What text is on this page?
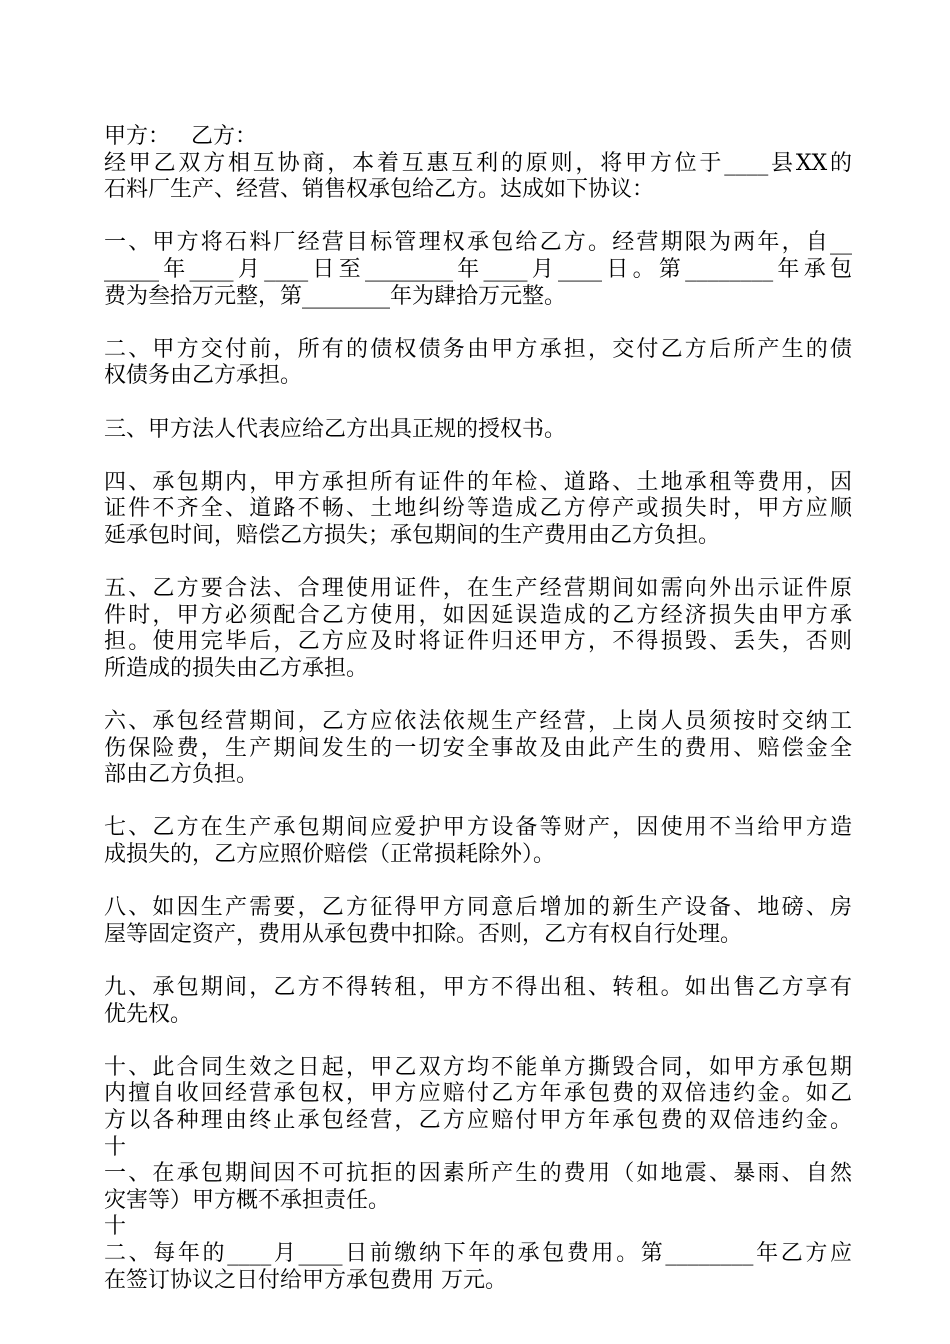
甲方：   乙方：
经甲乙双方相互协商，本着互惠互利的原则，将甲方位于____县XX的
石料厂生产、经营、销售权承包给乙方。达成如下协议：
一、甲方将石料厂经营目标管理权承包给乙方。经营期限为两年，自__
_____年____月____日至________年____月____日。第________年承包
费为叁拾万元整，第________年为肆拾万元整。
二、甲方交付前，所有的债权债务由甲方承担，交付乙方后所产生的债
权债务由乙方承担。
三、甲方法人代表应给乙方出具正规的授权书。
四、承包期内，甲方承担所有证件的年检、道路、土地承租等费用，因
证件不齐全、道路不畅、土地纠纷等造成乙方停产或损失时，甲方应顺
延承包时间，赔偿乙方损失；承包期间的生产费用由乙方负担。
五、乙方要合法、合理使用证件，在生产经营期间如需向外出示证件原
件时，甲方必须配合乙方使用，如因延误造成的乙方经济损失由甲方承
担。使用完毕后，乙方应及时将证件归还甲方，不得损毁、丢失，否则
所造成的损失由乙方承担。
六、承包经营期间，乙方应依法依规生产经营，上岗人员须按时交纳工
伤保险费，生产期间发生的一切安全事故及由此产生的费用、赔偿金全
部由乙方负担。
七、乙方在生产承包期间应爱护甲方设备等财产，因使用不当给甲方造
成损失的，乙方应照价赔偿（正常损耗除外）。
八、如因生产需要，乙方征得甲方同意后增加的新生产设备、地磅、房
屋等固定资产，费用从承包费中扣除。否则，乙方有权自行处理。
九、承包期间，乙方不得转租，甲方不得出租、转租。如出售乙方享有
优先权。
十、此合同生效之日起，甲乙双方均不能单方撕毁合同，如甲方承包期
内擅自收回经营承包权，甲方应赔付乙方年承包费的双倍违约金。如乙
方以各种理由终止承包经营，乙方应赔付甲方年承包费的双倍违约金。
十
一、在承包期间因不可抗拒的因素所产生的费用（如地震、暴雨、自然
灾害等）甲方概不承担责任。
十
二、每年的____月____日前缴纳下年的承包费用。第________年乙方应
在签订协议之日付给甲方承包费用 万元。
